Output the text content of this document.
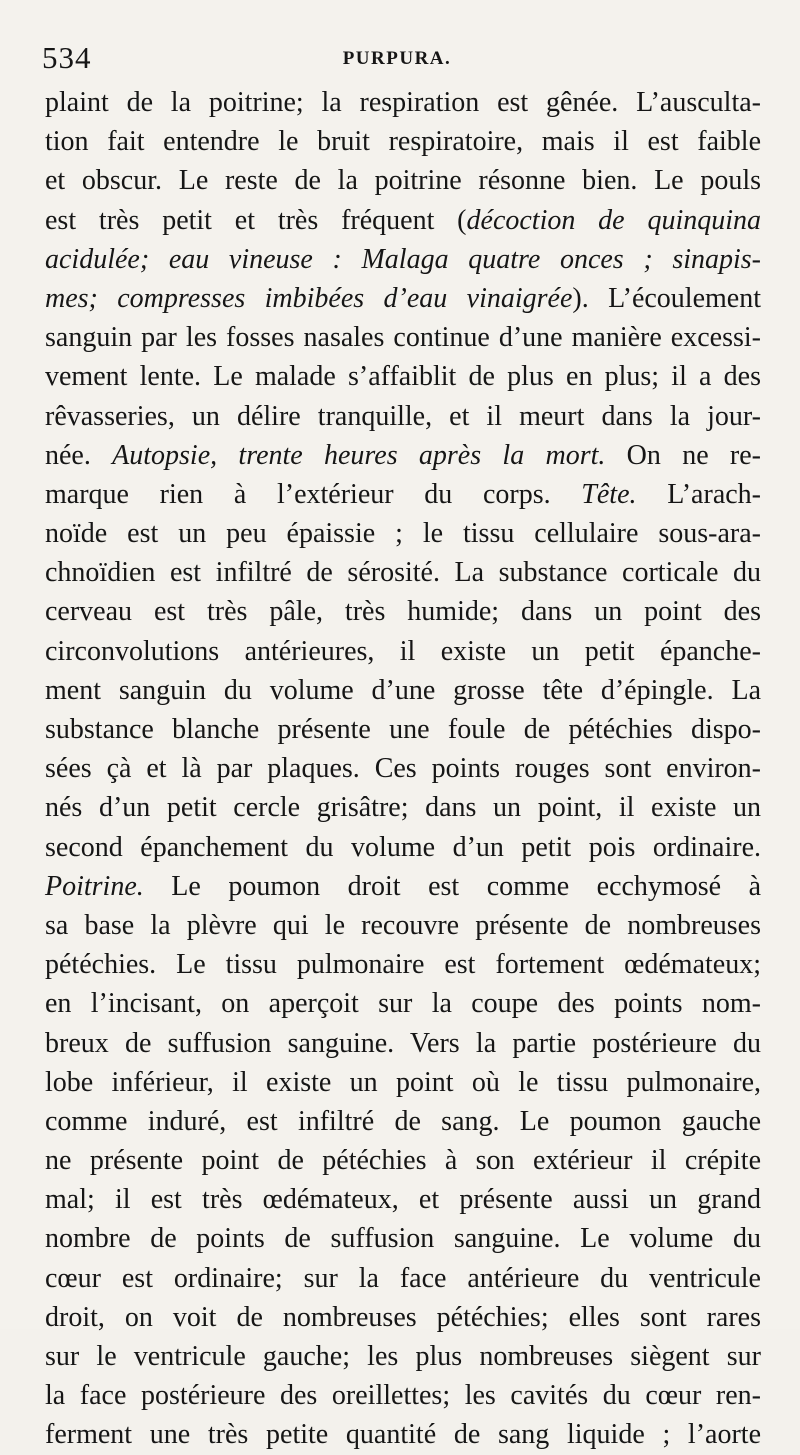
534	PURPURA.
plaint de la poitrine; la respiration est gênée. L’ausculta-
tion fait entendre le bruit respiratoire, mais il est faible
et obscur. Le reste de la poitrine résonne bien. Le pouls
est très petit et très fréquent (décoction de quinquina
acidulée; eau vineuse : Malaga quatre onces ; sinapis-
mes; compresses imbibées d’eau vinaigrée). L’écoulement
sanguin par les fosses nasales continue d’une manière excessi-
vement lente. Le malade s’affaiblit de plus en plus; il a des
rêvasseries, un délire tranquille, et il meurt dans la jour-
née. Autopsie, trente heures après la mort. On ne re-
marque rien à l’extérieur du corps. Tête. L’arach-
noïde est un peu épaissie ; le tissu cellulaire sous-ara-
chnoïdien est infiltré de sérosité. La substance corticale du
cerveau est très pâle, très humide; dans un point des
circonvolutions antérieures, il existe un petit épanche-
ment sanguin du volume d’une grosse tête d’épingle. La
substance blanche présente une foule de pétéchies dispo-
sées çà et là par plaques. Ces points rouges sont environ-
nés d’un petit cercle grisâtre; dans un point, il existe un
second épanchement du volume d’un petit pois ordinaire.
Poitrine. Le poumon droit est comme ecchymosé à
sa base la plèvre qui le recouvre présente de nombreuses
pétéchies. Le tissu pulmonaire est fortement œdémateux;
en l’incisant, on aperçoit sur la coupe des points nom-
breux de suffusion sanguine. Vers la partie postérieure du
lobe inférieur, il existe un point où le tissu pulmonaire,
comme induré, est infiltré de sang. Le poumon gauche
ne présente point de pétéchies à son extérieur il crépite
mal; il est très œdémateux, et présente aussi un grand
nombre de points de suffusion sanguine. Le volume du
cœur est ordinaire; sur la face antérieure du ventricule
droit, on voit de nombreuses pétéchies; elles sont rares
sur le ventricule gauche; les plus nombreuses siègent sur
la face postérieure des oreillettes; les cavités du cœur ren-
ferment une très petite quantité de sang liquide ; l’aorte
